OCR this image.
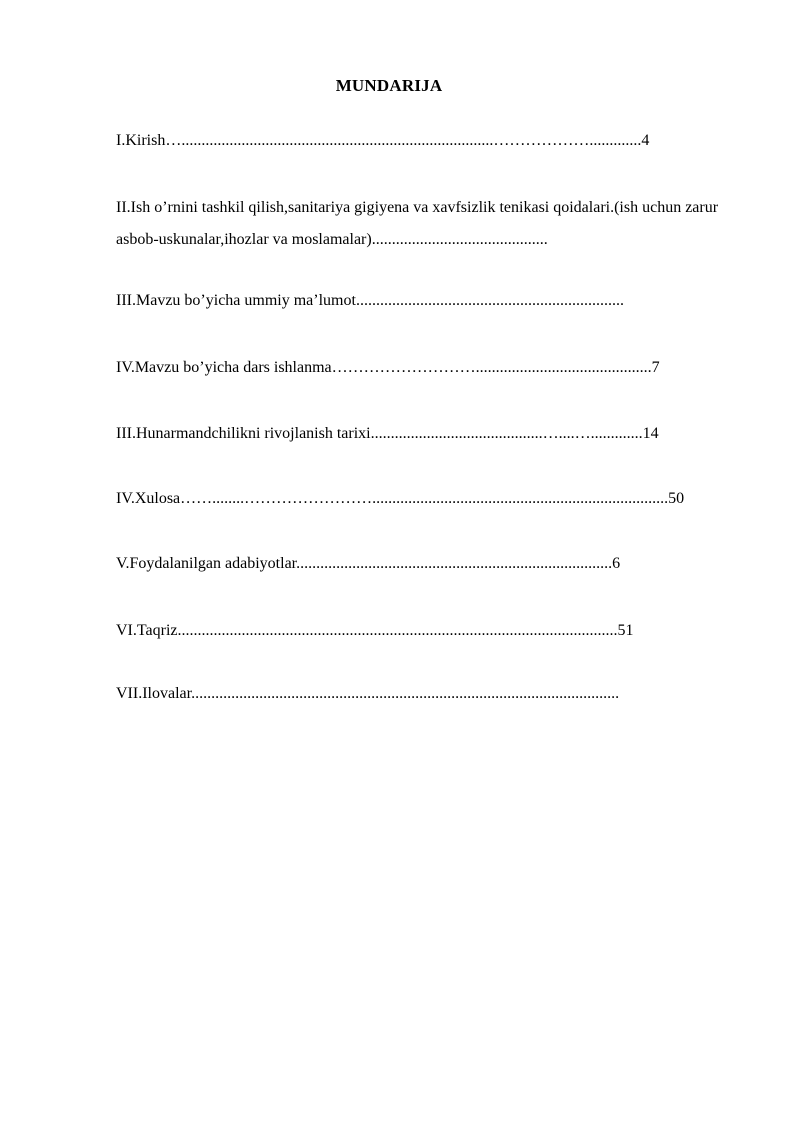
MUNDARIJA
I.Kirish…..............................................................................……………….............4
II.Ish o’rnini tashkil qilish,sanitariya gigiyena va xavfsizlik tenikasi qoidalari.(ish uchun zarur asbob-uskunalar,ihozlar va moslamalar)............................................
III.Mavzu bo’yicha ummiy ma’lumot...................................................................
IV.Mavzu bo’yicha dars ishlanma………………………............................................7
III.Hunarmandchilikni rivojlanish tarixi...........................................…....….............14
IV.Xulosa……........……………………..........................................................................50
V.Foydalanilgan adabiyotlar...............................................................................6
VI.Taqriz..............................................................................................................51
VII.Ilovalar...........................................................................................................
